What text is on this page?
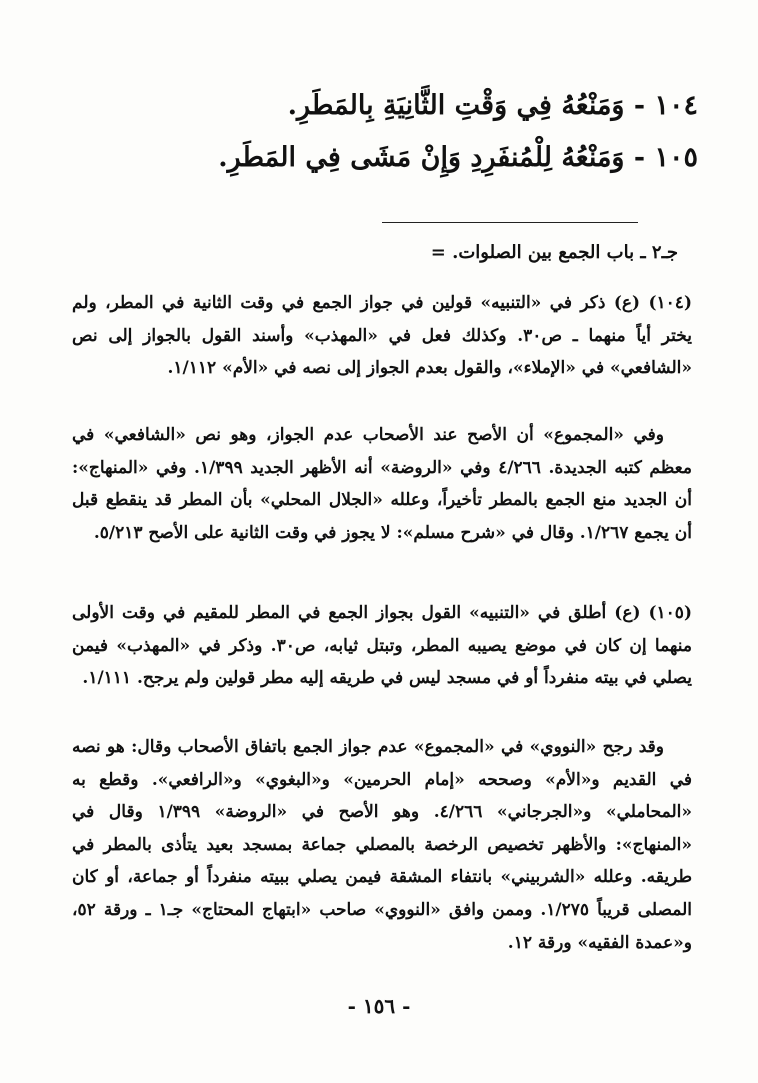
١٠٤ - وَمَنْعُهُ فِي وَقْتِ الثَّانِيَةِ بِالمَطَرِ.
١٠٥ - وَمَنْعُهُ لِلْمُنفَرِدِ وَإِنْ مَشَى فِي المَطَرِ.
جـ٢ ـ باب الجمع بين الصلوات. =

(١٠٤) (ع) ذكر في «التنبيه» قولين في جواز الجمع في وقت الثانية في المطر، ولم يختر أياً منهما ـ ص٣٠. وكذلك فعل في «المهذب» وأسند القول بالجواز إلى نص «الشافعي» في «الإملاء»، والقول بعدم الجواز إلى نصه في «الأم» ١/١١٢.

وفي «المجموع» أن الأصح عند الأصحاب عدم الجواز، وهو نص «الشافعي» في معظم كتبه الجديدة. ٤/٢٦٦ وفي «الروضة» أنه الأظهر الجديد ١/٣٩٩. وفي «المنهاج»: أن الجديد منع الجمع بالمطر تأخيراً، وعلله «الجلال المحلي» بأن المطر قد ينقطع قبل أن يجمع ١/٢٦٧. وقال في «شرح مسلم»: لا يجوز في وقت الثانية على الأصح ٥/٢١٣.

(١٠٥) (ع) أطلق في «التنبيه» القول بجواز الجمع في المطر للمقيم في وقت الأولى منهما إن كان في موضع يصيبه المطر، وتبتل ثيابه، ص٣٠. وذكر في «المهذب» فيمن يصلي في بيته منفرداً أو في مسجد ليس في طريقه إليه مطر قولين ولم يرجح. ١/١١١.

وقد رجح «النووي» في «المجموع» عدم جواز الجمع باتفاق الأصحاب وقال: هو نصه في القديم و«الأم» وصححه «إمام الحرمين» و«البغوي» و«الرافعي». وقطع به «المحاملي» و«الجرجاني» ٤/٢٦٦. وهو الأصح في «الروضة» ١/٣٩٩ وقال في «المنهاج»: والأظهر تخصيص الرخصة بالمصلي جماعة بمسجد بعيد يتأذى بالمطر في طريقه. وعلله «الشربيني» بانتفاء المشقة فيمن يصلي ببيته منفرداً أو جماعة، أو كان المصلى قريباً ١/٢٧٥. وممن وافق «النووي» صاحب «ابتهاج المحتاج» جـ١ ـ ورقة ٥٢، و«عمدة الفقيه» ورقة ١٢.

- ١٥٦ -
